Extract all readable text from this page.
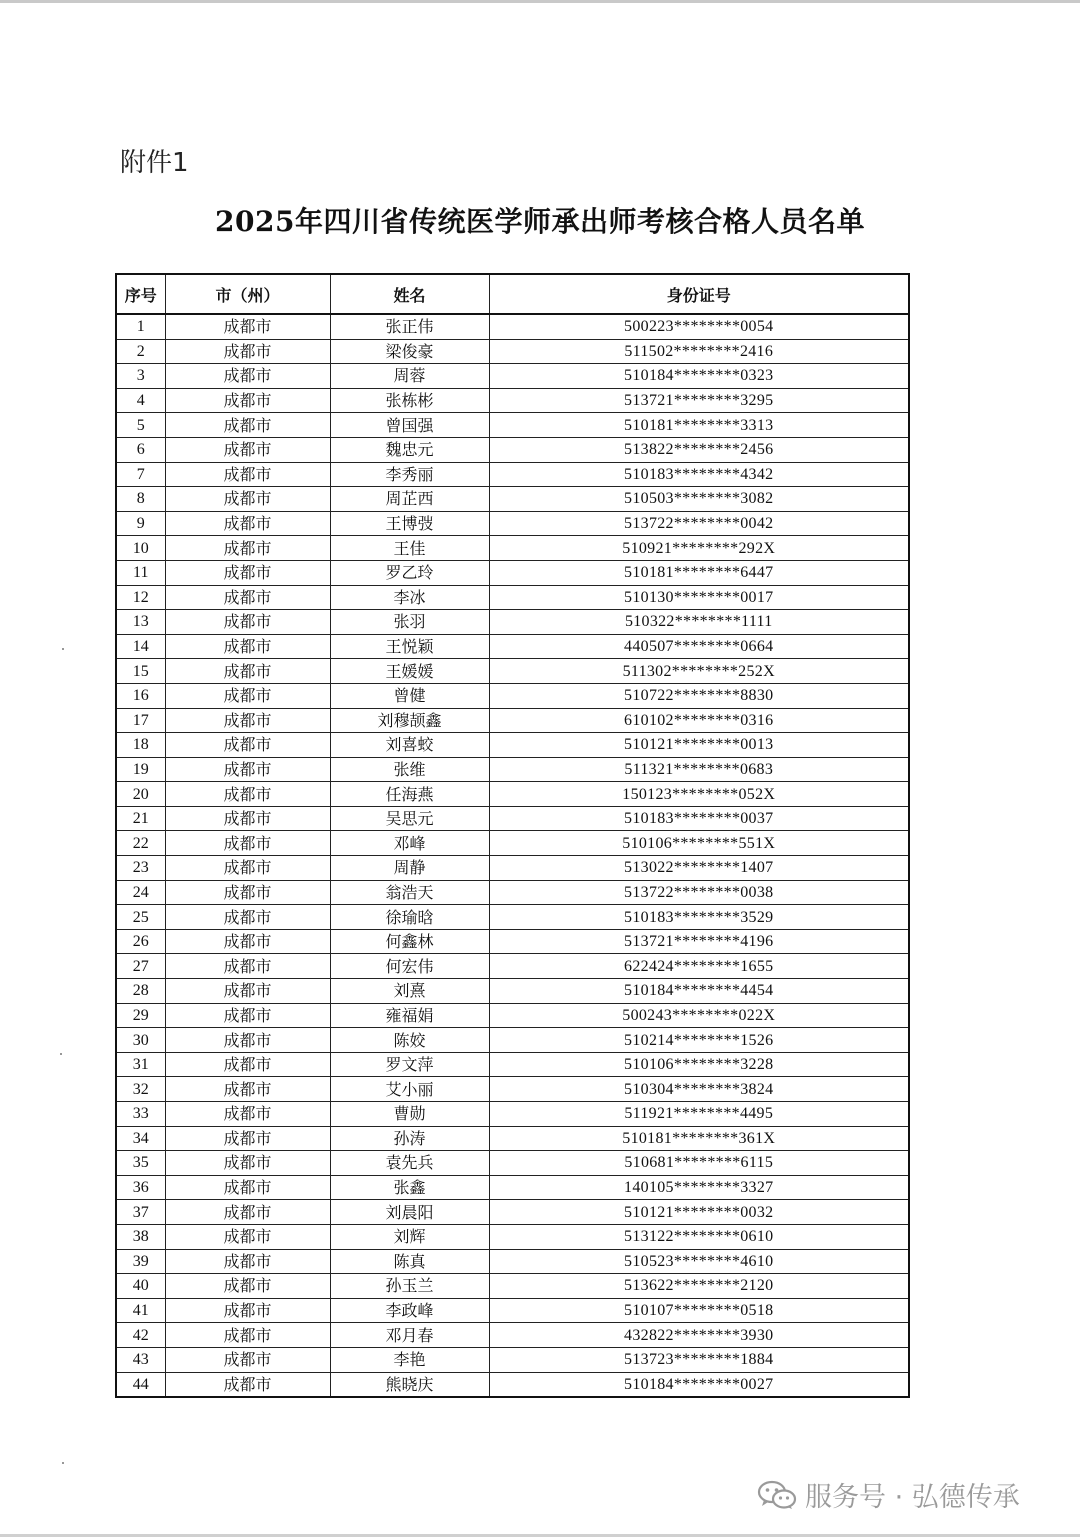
附件1
2025年四川省传统医学师承出师考核合格人员名单
序号	市（州）	姓名	身份证号
1	成都市	张正伟	500223********0054
2	成都市	梁俊豪	511502********2416
3	成都市	周蓉	510184********0323
4	成都市	张栋彬	513721********3295
5	成都市	曾国强	510181********3313
6	成都市	魏忠元	513822********2456
7	成都市	李秀丽	510183********4342
8	成都市	周芷西	510503********3082
9	成都市	王博弢	513722********0042
10	成都市	王佳	510921********292X
11	成都市	罗乙玲	510181********6447
12	成都市	李冰	510130********0017
13	成都市	张羽	510322********1111
14	成都市	王悦颖	440507********0664
15	成都市	王媛媛	511302********252X
16	成都市	曾健	510722********8830
17	成都市	刘穆颉鑫	610102********0316
18	成都市	刘喜蛟	510121********0013
19	成都市	张维	511321********0683
20	成都市	任海燕	150123********052X
21	成都市	吴思元	510183********0037
22	成都市	邓峰	510106********551X
23	成都市	周静	513022********1407
24	成都市	翁浩天	513722********0038
25	成都市	徐瑜晗	510183********3529
26	成都市	何鑫林	513721********4196
27	成都市	何宏伟	622424********1655
28	成都市	刘熹	510184********4454
29	成都市	雍福娟	500243********022X
30	成都市	陈姣	510214********1526
31	成都市	罗文萍	510106********3228
32	成都市	艾小丽	510304********3824
33	成都市	曹勋	511921********4495
34	成都市	孙涛	510181********361X
35	成都市	袁先兵	510681********6115
36	成都市	张鑫	140105********3327
37	成都市	刘晨阳	510121********0032
38	成都市	刘辉	513122********0610
39	成都市	陈真	510523********4610
40	成都市	孙玉兰	513622********2120
41	成都市	李政峰	510107********0518
42	成都市	邓月春	432822********3930
43	成都市	李艳	513723********1884
44	成都市	熊晓庆	510184********0027
服务号 · 弘德传承
